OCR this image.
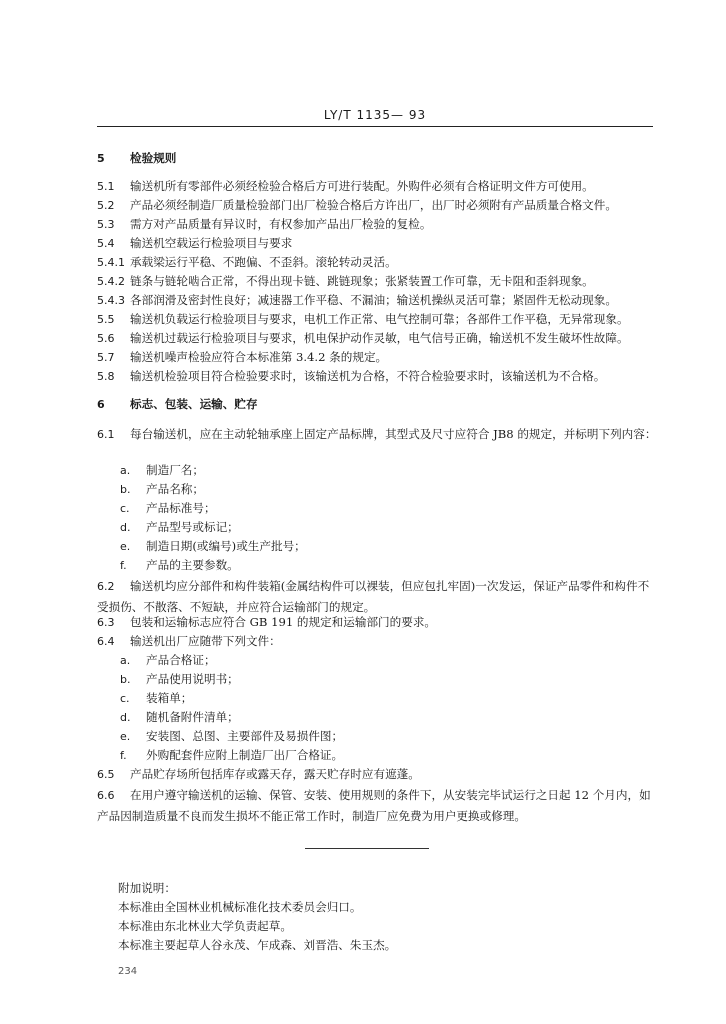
LY/T 1135— 93
5 检验规则
5.1 输送机所有零部件必须经检验合格后方可进行装配。外购件必须有合格证明文件方可使用。
5.2 产品必须经制造厂质量检验部门出厂检验合格后方许出厂，出厂时必须附有产品质量合格文件。
5.3 需方对产品质量有异议时，有权参加产品出厂检验的复检。
5.4 输送机空载运行检验项目与要求
5.4.1 承载梁运行平稳、不跑偏、不歪斜。滚轮转动灵活。
5.4.2 链条与链轮啮合正常，不得出现卡链、跳链现象；张紧装置工作可靠，无卡阻和歪斜现象。
5.4.3 各部润滑及密封性良好；减速器工作平稳、不漏油；输送机操纵灵活可靠；紧固件无松动现象。
5.5 输送机负载运行检验项目与要求，电机工作正常、电气控制可靠；各部件工作平稳，无异常现象。
5.6 输送机过载运行检验项目与要求，机电保护动作灵敏，电气信号正确，输送机不发生破坏性故障。
5.7 输送机噪声检验应符合本标准第 3.4.2 条的规定。
5.8 输送机检验项目符合检验要求时，该输送机为合格，不符合检验要求时，该输送机为不合格。
6 标志、包装、运输、贮存
6.1 每台输送机，应在主动轮轴承座上固定产品标牌，其型式及尺寸应符合 JB8 的规定，并标明下列内容：
a. 制造厂名；
b. 产品名称；
c. 产品标准号；
d. 产品型号或标记；
e. 制造日期(或编号)或生产批号；
f. 产品的主要参数。
6.2 输送机均应分部件和构件装箱(金属结构件可以裸装，但应包扎牢固)一次发运，保证产品零件和构件不受损伤、不散落、不短缺，并应符合运输部门的规定。
6.3 包装和运输标志应符合 GB 191 的规定和运输部门的要求。
6.4 输送机出厂应随带下列文件：
a. 产品合格证；
b. 产品使用说明书；
c. 装箱单；
d. 随机备附件清单；
e. 安装图、总图、主要部件及易损件图；
f. 外购配套件应附上制造厂出厂合格证。
6.5 产品贮存场所包括库存或露天存，露天贮存时应有遮蓬。
6.6 在用户遵守输送机的运输、保管、安装、使用规则的条件下，从安装完毕试运行之日起 12 个月内，如产品因制造质量不良而发生损坏不能正常工作时，制造厂应免费为用户更换或修理。
附加说明：
本标准由全国林业机械标准化技术委员会归口。
本标准由东北林业大学负责起草。
本标准主要起草人谷永茂、乍成森、刘晋浩、朱玉杰。
234
